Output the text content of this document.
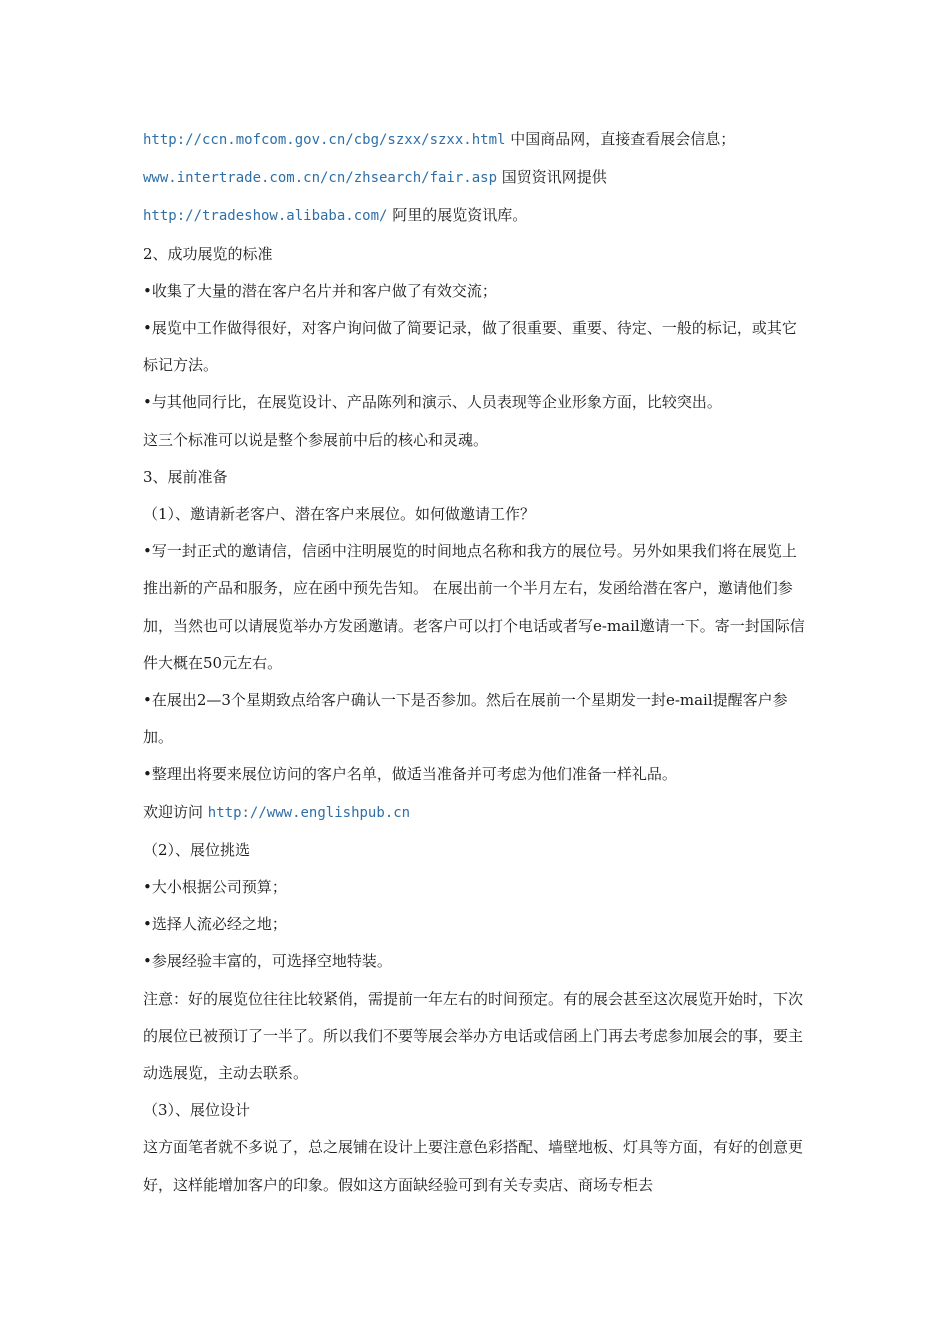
http://ccn.mofcom.gov.cn/cbg/szxx/szxx.html 中国商品网，直接查看展会信息；

www.intertrade.com.cn/cn/zhsearch/fair.asp 国贸资讯网提供

http://tradeshow.alibaba.com/ 阿里的展览资讯库。

2、成功展览的标准

•收集了大量的潜在客户名片并和客户做了有效交流；

•展览中工作做得很好，对客户询问做了简要记录，做了很重要、重要、待定、一般的标记，或其它标记方法。

•与其他同行比，在展览设计、产品陈列和演示、人员表现等企业形象方面，比较突出。

这三个标准可以说是整个参展前中后的核心和灵魂。

3、展前准备

（1）、邀请新老客户、潜在客户来展位。如何做邀请工作？

•写一封正式的邀请信，信函中注明展览的时间地点名称和我方的展位号。另外如果我们将在展览上推出新的产品和服务，应在函中预先告知。 在展出前一个半月左右，发函给潜在客户，邀请他们参加，当然也可以请展览举办方发函邀请。老客户可以打个电话或者写e-mail邀请一下。寄一封国际信件大概在50元左右。

•在展出2—3个星期致点给客户确认一下是否参加。然后在展前一个星期发一封e-mail提醒客户参加。

•整理出将要来展位访问的客户名单，做适当准备并可考虑为他们准备一样礼品。

欢迎访问 http://www.englishpub.cn

（2）、展位挑选

•大小根据公司预算；

•选择人流必经之地；

•参展经验丰富的，可选择空地特装。

注意：好的展览位往往比较紧俏，需提前一年左右的时间预定。有的展会甚至这次展览开始时，下次的展位已被预订了一半了。所以我们不要等展会举办方电话或信函上门再去考虑参加展会的事，要主动选展览，主动去联系。

（3）、展位设计

这方面笔者就不多说了，总之展铺在设计上要注意色彩搭配、墙壁地板、灯具等方面，有好的创意更好，这样能增加客户的印象。假如这方面缺经验可到有关专卖店、商场专柜去
